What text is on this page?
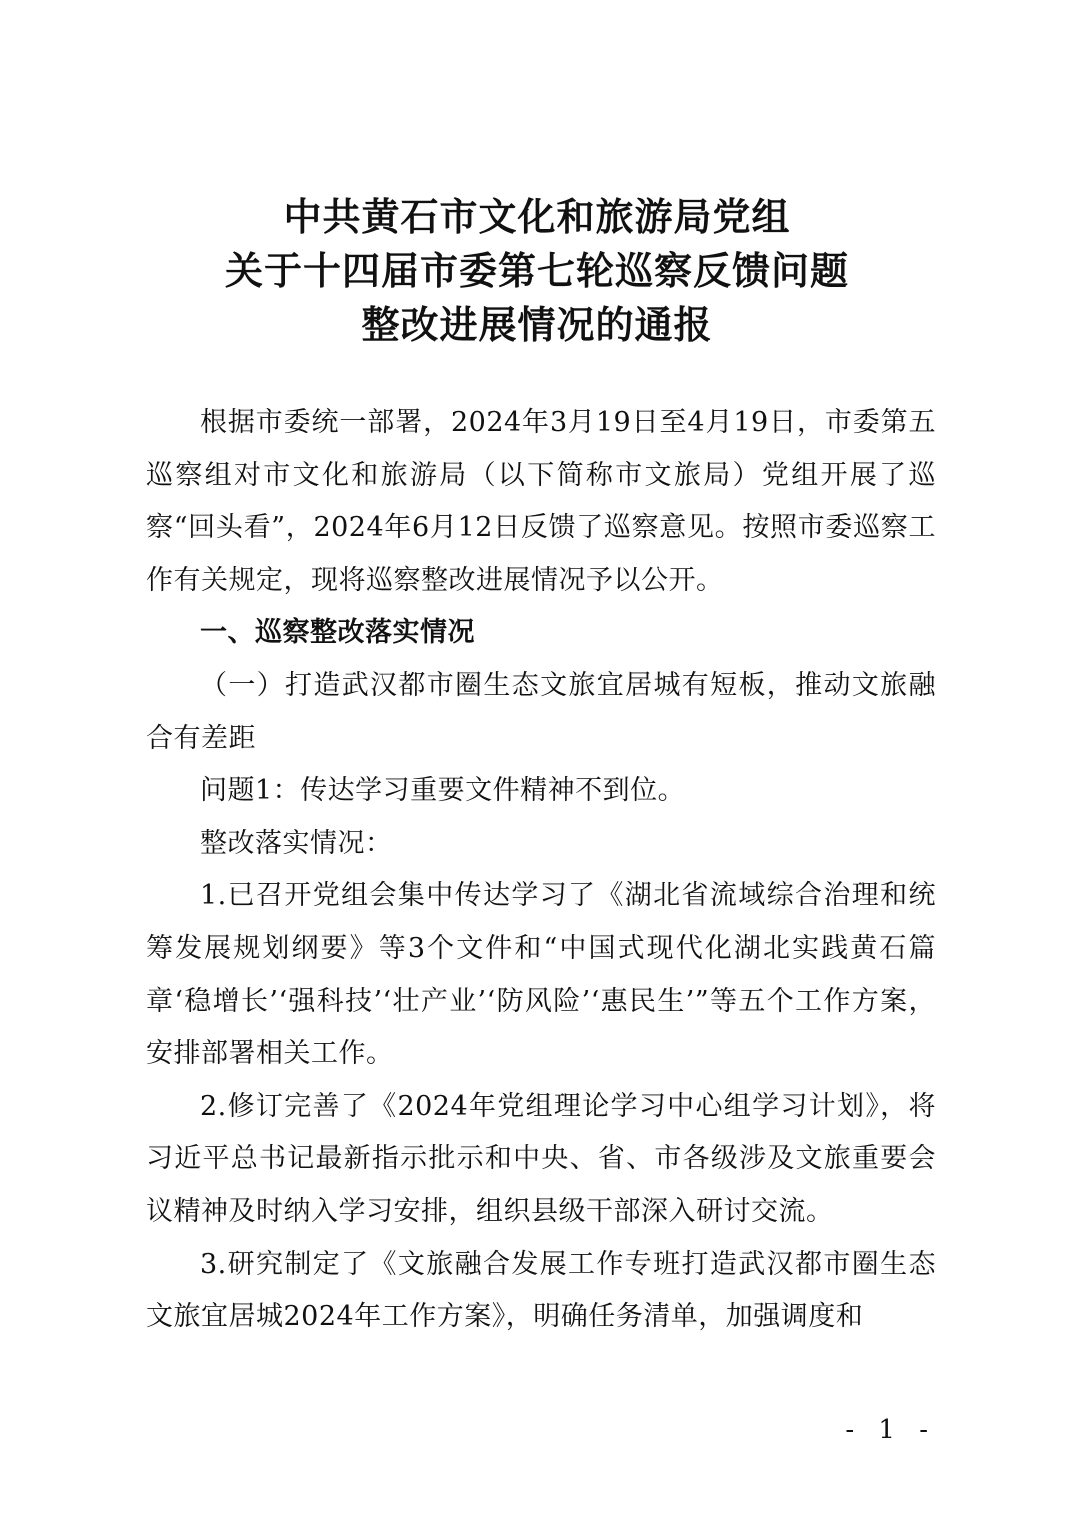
中共黄石市文化和旅游局党组
关于十四届市委第七轮巡察反馈问题
整改进展情况的通报

根据市委统一部署，2024年3月19日至4月19日，市委第五巡察组对市文化和旅游局（以下简称市文旅局）党组开展了巡察“回头看”，2024年6月12日反馈了巡察意见。按照市委巡察工作有关规定，现将巡察整改进展情况予以公开。

一、巡察整改落实情况

（一）打造武汉都市圈生态文旅宜居城有短板，推动文旅融合有差距

问题1：传达学习重要文件精神不到位。

整改落实情况：

1.已召开党组会集中传达学习了《湖北省流域综合治理和统筹发展规划纲要》等3个文件和“中国式现代化湖北实践黄石篇章‘稳增长’‘强科技’‘壮产业’‘防风险’‘惠民生’”等五个工作方案，安排部署相关工作。

2.修订完善了《2024年党组理论学习中心组学习计划》，将习近平总书记最新指示批示和中央、省、市各级涉及文旅重要会议精神及时纳入学习安排，组织县级干部深入研讨交流。

3.研究制定了《文旅融合发展工作专班打造武汉都市圈生态文旅宜居城2024年工作方案》，明确任务清单，加强调度和

- 1 -
